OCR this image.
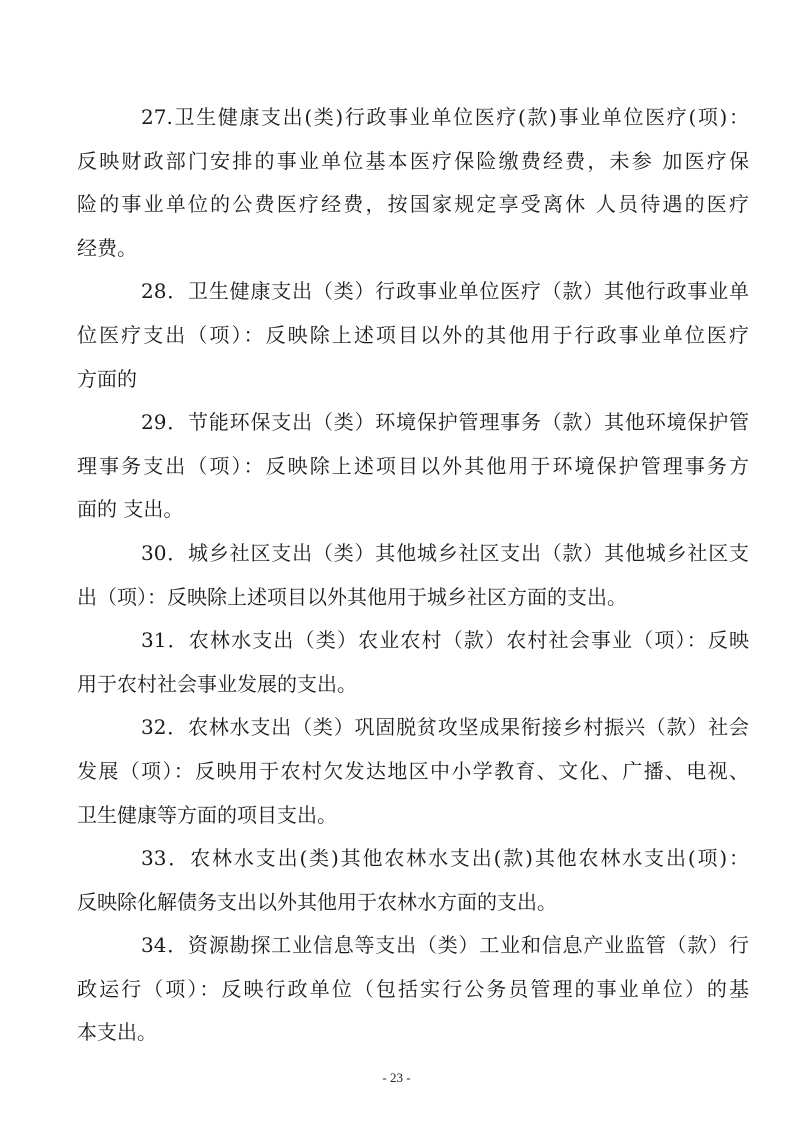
27.卫生健康支出(类)行政事业单位医疗(款)事业单位医疗(项)：
反映财政部门安排的事业单位基本医疗保险缴费经费，未参 加医疗保
险的事业单位的公费医疗经费，按国家规定享受离休 人员待遇的医疗
经费。
28．卫生健康支出（类）行政事业单位医疗（款）其他行政事业单
位医疗支出（项）：反映除上述项目以外的其他用于行政事业单位医疗
方面的
29．节能环保支出（类）环境保护管理事务（款）其他环境保护管
理事务支出（项）：反映除上述项目以外其他用于环境保护管理事务方
面的 支出。
30．城乡社区支出（类）其他城乡社区支出（款）其他城乡社区支
出（项）：反映除上述项目以外其他用于城乡社区方面的支出。
31．农林水支出（类）农业农村（款）农村社会事业（项）：反映
用于农村社会事业发展的支出。
32．农林水支出（类）巩固脱贫攻坚成果衔接乡村振兴（款）社会
发展（项）：反映用于农村欠发达地区中小学教育、文化、广播、电视、
卫生健康等方面的项目支出。
33．农林水支出(类)其他农林水支出(款)其他农林水支出(项)：
反映除化解债务支出以外其他用于农林水方面的支出。
34．资源勘探工业信息等支出（类）工业和信息产业监管（款）行
政运行（项）：反映行政单位（包括实行公务员管理的事业单位）的基
本支出。
- 23 -
